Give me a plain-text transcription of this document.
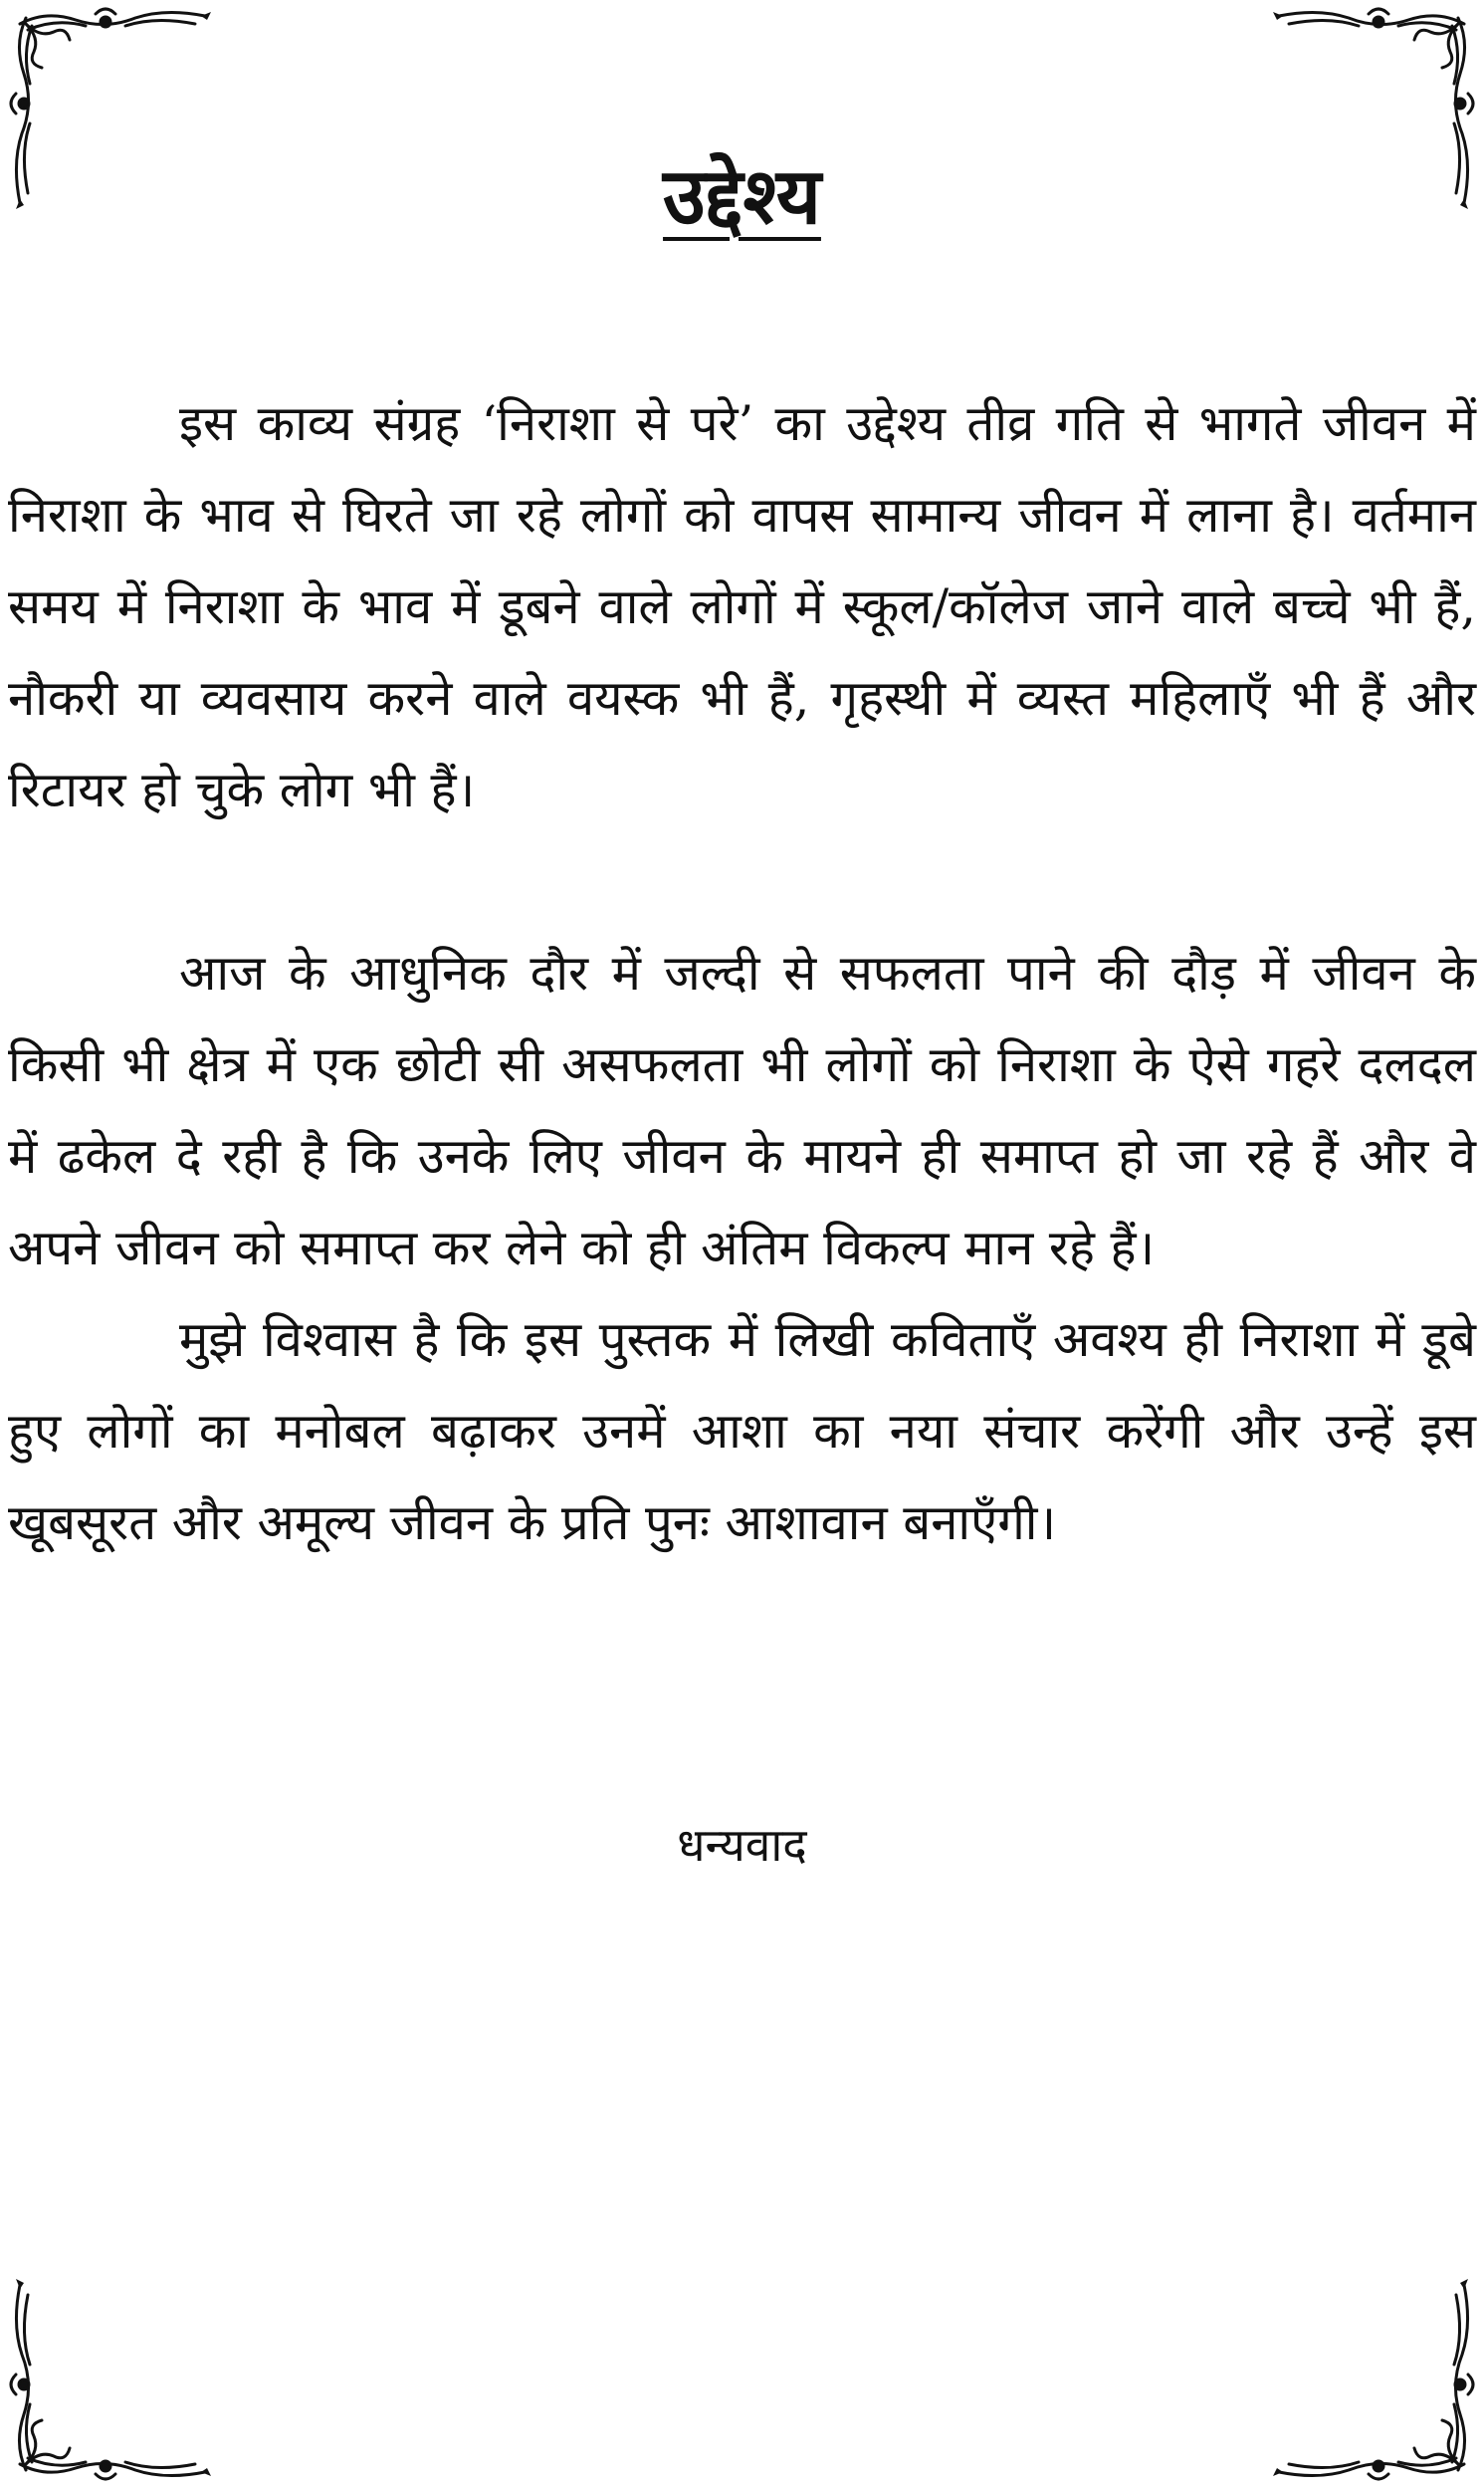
उद्देश्य

इस काव्य संग्रह ‘निराशा से परे’ का उद्देश्य तीव्र गति से भागते जीवन में निराशा के भाव से घिरते जा रहे लोगों को वापस सामान्य जीवन में लाना है। वर्तमान समय में निराशा के भाव में डूबने वाले लोगों में स्कूल/कॉलेज जाने वाले बच्चे भी हैं, नौकरी या व्यवसाय करने वाले वयस्क भी हैं, गृहस्थी में व्यस्त महिलाएँ भी हैं और रिटायर हो चुके लोग भी हैं।

आज के आधुनिक दौर में जल्दी से सफलता पाने की दौड़ में जीवन के किसी भी क्षेत्र में एक छोटी सी असफलता भी लोगों को निराशा के ऐसे गहरे दलदल में ढकेल दे रही है कि उनके लिए जीवन के मायने ही समाप्त हो जा रहे हैं और वे अपने जीवन को समाप्त कर लेने को ही अंतिम विकल्प मान रहे हैं।

मुझे विश्वास है कि इस पुस्तक में लिखी कविताएँ अवश्य ही निराशा में डूबे हुए लोगों का मनोबल बढ़ाकर उनमें आशा का नया संचार करेंगी और उन्हें इस खूबसूरत और अमूल्य जीवन के प्रति पुनः आशावान बनाएँगी।

धन्यवाद
